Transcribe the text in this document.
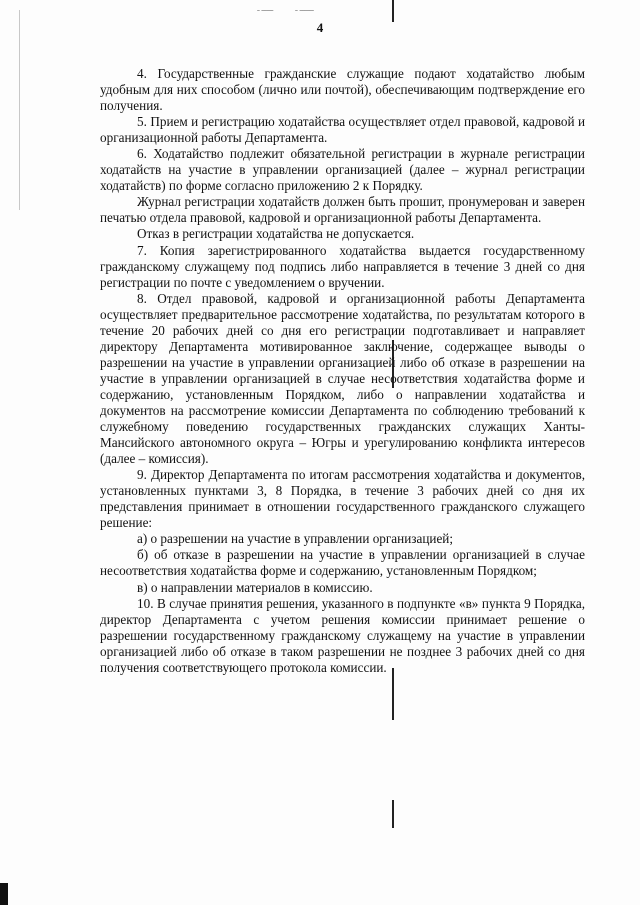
ــــــ ــــــ ـ
4

4. Государственные гражданские служащие подают ходатайство любым удобным для них способом (лично или почтой), обеспечивающим подтверждение его получения.

5. Прием и регистрацию ходатайства осуществляет отдел правовой, кадровой и организационной работы Департамента.

6. Ходатайство подлежит обязательной регистрации в журнале регистрации ходатайств на участие в управлении организацией (далее – журнал регистрации ходатайств) по форме согласно приложению 2 к Порядку.

Журнал регистрации ходатайств должен быть прошит, пронумерован и заверен печатью отдела правовой, кадровой и организационной работы Департамента.

Отказ в регистрации ходатайства не допускается.

7. Копия зарегистрированного ходатайства выдается государственному гражданскому служащему под подпись либо направляется в течение 3 дней со дня регистрации по почте с уведомлением о вручении.

8. Отдел правовой, кадровой и организационной работы Департамента осуществляет предварительное рассмотрение ходатайства, по результатам которого в течение 20 рабочих дней со дня его регистрации подготавливает и направляет директору Департамента мотивированное заключение, содержащее выводы о разрешении на участие в управлении организацией либо об отказе в разрешении на участие в управлении организацией в случае несоответствия ходатайства форме и содержанию, установленным Порядком, либо о направлении ходатайства и документов на рассмотрение комиссии Департамента по соблюдению требований к служебному поведению государственных гражданских служащих Ханты-Мансийского автономного округа – Югры и урегулированию конфликта интересов (далее – комиссия).

9. Директор Департамента по итогам рассмотрения ходатайства и документов, установленных пунктами 3, 8 Порядка, в течение 3 рабочих дней со дня их представления принимает в отношении государственного гражданского служащего решение:

а) о разрешении на участие в управлении организацией;

б) об отказе в разрешении на участие в управлении организацией в случае несоответствия ходатайства форме и содержанию, установленным Порядком;

в) о направлении материалов в комиссию.

10. В случае принятия решения, указанного в подпункте «в» пункта 9 Порядка, директор Департамента с учетом решения комиссии принимает решение о разрешении государственному гражданскому служащему на участие в управлении организацией либо об отказе в таком разрешении не позднее 3 рабочих дней со дня получения соответствующего протокола комиссии.
